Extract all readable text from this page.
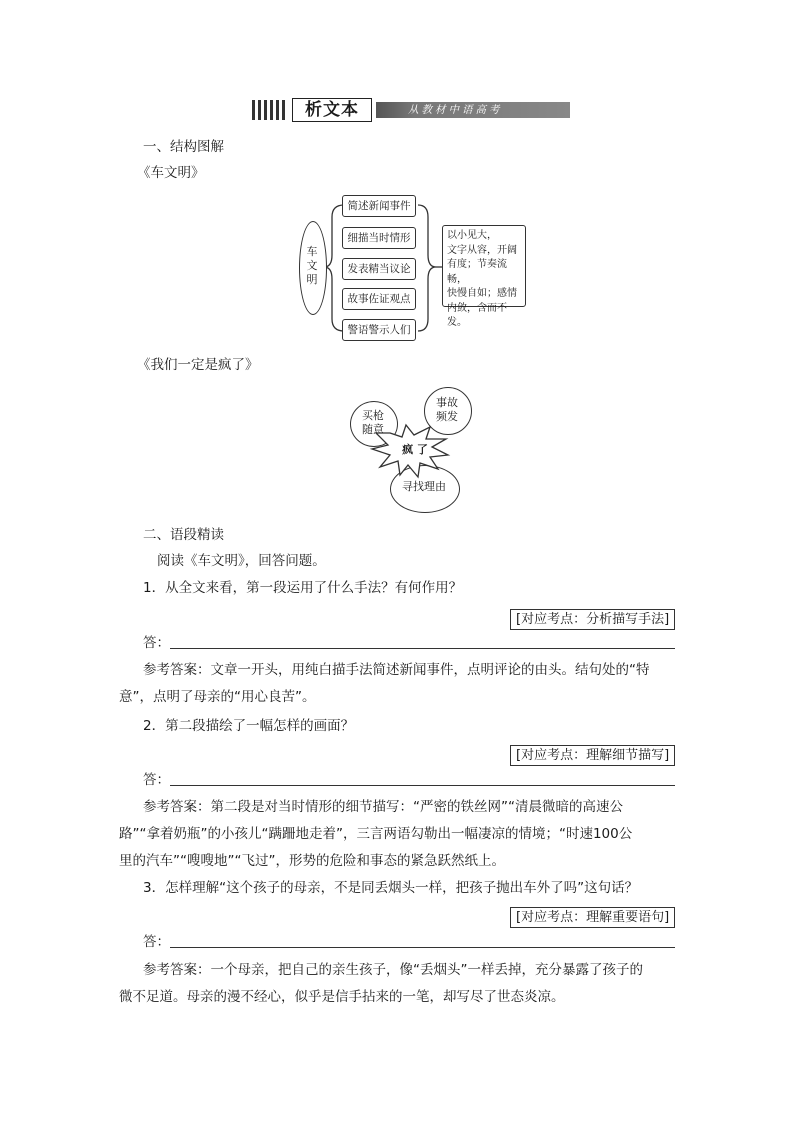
析文本	从教材中语高考
一、结构图解
《车文明》
车文明
简述新闻事件
细描当时情形
发表精当议论
故事佐证观点
警语警示人们
以小见大，
文字从容，开阔
有度；节奏流畅，
快慢自如；感情
内敛，含而不发。
《我们一定是疯了》
买枪
随意
事故
频发
寻找理由
疯 了
二、语段精读
阅读《车文明》，回答问题。
1．从全文来看，第一段运用了什么手法？有何作用？
[对应考点：分析描写手法]
答：
参考答案：文章一开头，用纯白描手法简述新闻事件，点明评论的由头。结句处的“特
意”，点明了母亲的“用心良苦”。
2．第二段描绘了一幅怎样的画面？
[对应考点：理解细节描写]
答：
参考答案：第二段是对当时情形的细节描写：“严密的铁丝网”“清晨微暗的高速公
路”“拿着奶瓶”的小孩儿“蹒跚地走着”，三言两语勾勒出一幅凄凉的情境；“时速100公
里的汽车”“嗖嗖地”“飞过”，形势的危险和事态的紧急跃然纸上。
3．怎样理解“这个孩子的母亲，不是同丢烟头一样，把孩子抛出车外了吗”这句话？
[对应考点：理解重要语句]
答：
参考答案：一个母亲，把自己的亲生孩子，像“丢烟头”一样丢掉，充分暴露了孩子的
微不足道。母亲的漫不经心，似乎是信手拈来的一笔，却写尽了世态炎凉。
